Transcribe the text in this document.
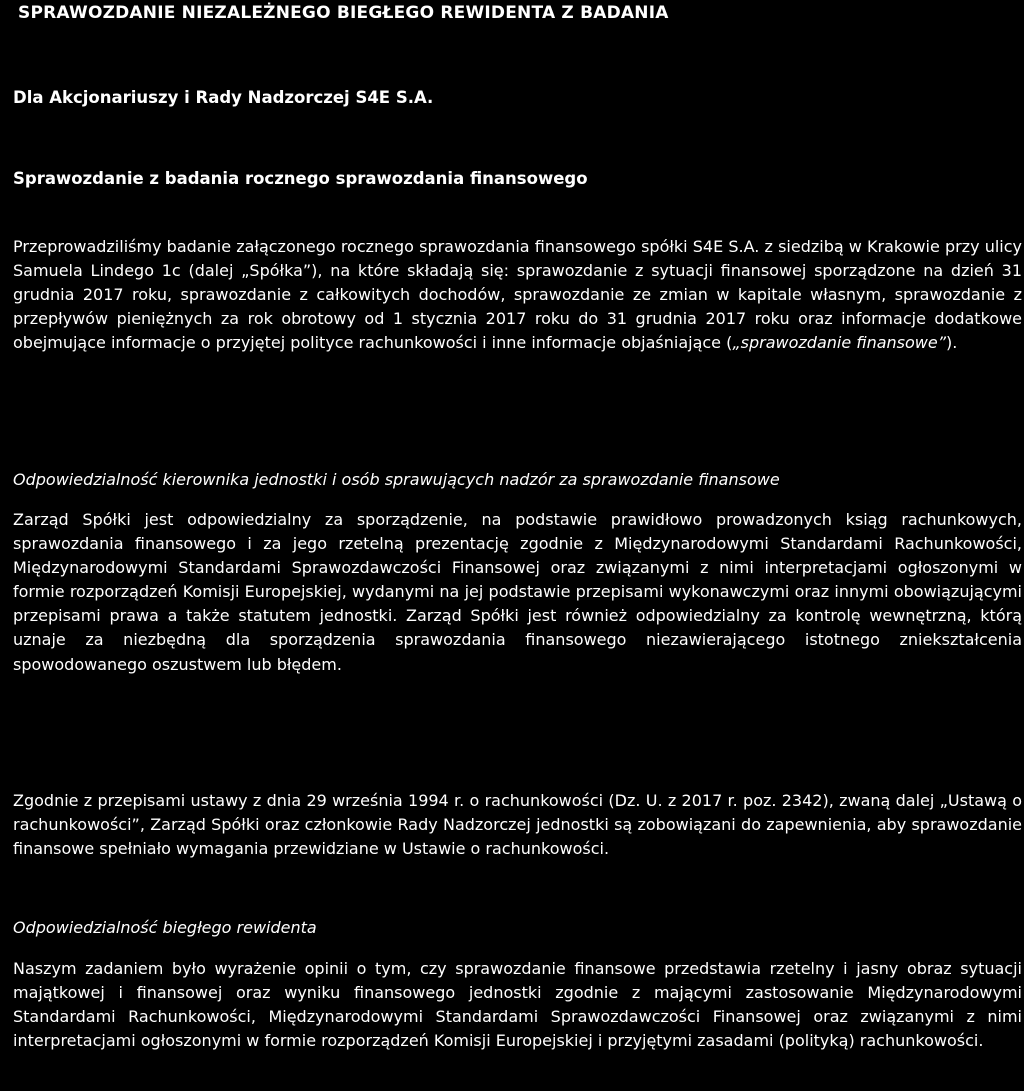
SPRAWOZDANIE NIEZALEŻNEGO BIEGŁEGO REWIDENTA Z BADANIA
Dla Akcjonariuszy i Rady Nadzorczej S4E S.A.
Sprawozdanie z badania rocznego sprawozdania finansowego

Przeprowadziliśmy badanie załączonego rocznego sprawozdania finansowego spółki S4E S.A. z siedzibą w Krakowie przy ulicy Samuela Lindego 1c (dalej „Spółka”), na które składają się: sprawozdanie z sytuacji finansowej sporządzone na dzień 31 grudnia 2017 roku, sprawozdanie z całkowitych dochodów, sprawozdanie ze zmian w kapitale własnym, sprawozdanie z przepływów pieniężnych za rok obrotowy od 1 stycznia 2017 roku do 31 grudnia 2017 roku oraz informacje dodatkowe obejmujące informacje o przyjętej polityce rachunkowości i inne informacje objaśniające („sprawozdanie finansowe”).

Odpowiedzialność kierownika jednostki i osób sprawujących nadzór za sprawozdanie finansowe

Zarząd Spółki jest odpowiedzialny za sporządzenie, na podstawie prawidłowo prowadzonych ksiąg rachunkowych, sprawozdania finansowego i za jego rzetelną prezentację zgodnie z Międzynarodowymi Standardami Rachunkowości, Międzynarodowymi Standardami Sprawozdawczości Finansowej oraz związanymi z nimi interpretacjami ogłoszonymi w formie rozporządzeń Komisji Europejskiej, wydanymi na jej podstawie przepisami wykonawczymi oraz innymi obowiązującymi przepisami prawa a także statutem jednostki. Zarząd Spółki jest również odpowiedzialny za kontrolę wewnętrzną, którą uznaje za niezbędną dla sporządzenia sprawozdania finansowego niezawierającego istotnego zniekształcenia spowodowanego oszustwem lub błędem.

Zgodnie z przepisami ustawy z dnia 29 września 1994 r. o rachunkowości (Dz. U. z 2017 r. poz. 2342), zwaną dalej „Ustawą o rachunkowości”, Zarząd Spółki oraz członkowie Rady Nadzorczej jednostki są zobowiązani do zapewnienia, aby sprawozdanie finansowe spełniało wymagania przewidziane w Ustawie o rachunkowości.

Odpowiedzialność biegłego rewidenta

Naszym zadaniem było wyrażenie opinii o tym, czy sprawozdanie finansowe przedstawia rzetelny i jasny obraz sytuacji majątkowej i finansowej oraz wyniku finansowego jednostki zgodnie z mającymi zastosowanie Międzynarodowymi Standardami Rachunkowości, Międzynarodowymi Standardami Sprawozdawczości Finansowej oraz związanymi z nimi interpretacjami ogłoszonymi w formie rozporządzeń Komisji Europejskiej i przyjętymi zasadami (polityką) rachunkowości.
